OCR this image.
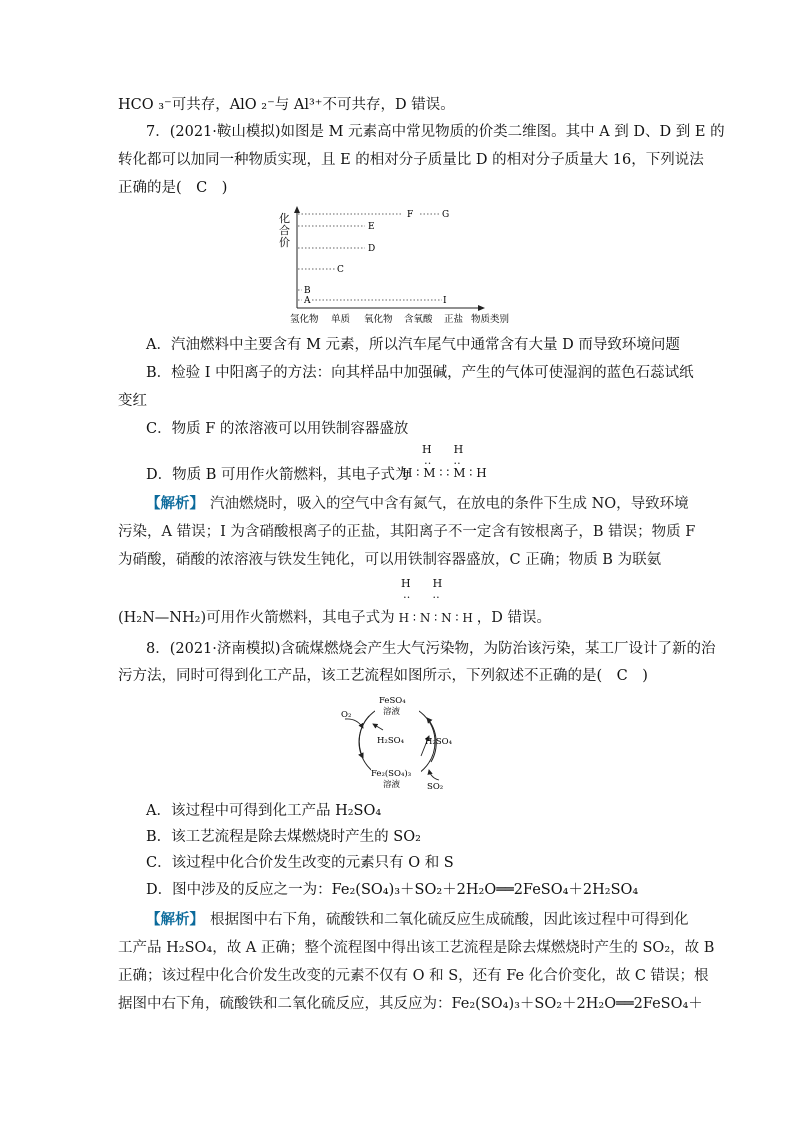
HCO ₃⁻可共存，AlO ₂⁻与 Al³⁺不可共存，D 错误。
7．(2021·鞍山模拟)如图是 M 元素高中常见物质的价类二维图。其中 A 到 D、D 到 E 的
转化都可以加同一种物质实现，且 E 的相对分子质量比 D 的相对分子质量大 16，下列说法
正确的是(　C　)
化
合
价
F	G
E
D
C
B
A	I
氢化物 单质 氧化物 含氧酸 正盐 物质类别
A．汽油燃料中主要含有 M 元素，所以汽车尾气中通常含有大量 D 而导致环境问题
B．检验 I 中阳离子的方法：向其样品中加强碱，产生的气体可使湿润的蓝色石蕊试纸
变红
C．物质 F 的浓溶液可以用铁制容器盛放
D．物质 B 可用作火箭燃料，其电子式为
H　　H
‥　　‥
H ∶ M ∶ ∶ M ∶ H
【解析】 汽油燃烧时，吸入的空气中含有氮气，在放电的条件下生成 NO，导致环境
污染，A 错误；I 为含硝酸根离子的正盐，其阳离子不一定含有铵根离子，B 错误；物质 F
为硝酸，硝酸的浓溶液与铁发生钝化，可以用铁制容器盛放，C 正确；物质 B 为联氨
H　　H
‥　　‥
(H₂N—NH₂)可用作火箭燃料，其电子式为 H ∶ N ∶ N ∶ H ，D 错误。
8．(2021·济南模拟)含硫煤燃烧会产生大气污染物，为防治该污染，某工厂设计了新的治
污方法，同时可得到化工产品，该工艺流程如图所示，下列叙述不正确的是(　C　)
FeSO₄
溶液
Fe₂(SO₄)₃
溶液
O₂
SO₂
H₂SO₄ H₂SO₄
A．该过程中可得到化工产品 H₂SO₄
B．该工艺流程是除去煤燃烧时产生的 SO₂
C．该过程中化合价发生改变的元素只有 O 和 S
D．图中涉及的反应之一为：Fe₂(SO₄)₃＋SO₂＋2H₂O══2FeSO₄＋2H₂SO₄
【解析】 根据图中右下角，硫酸铁和二氧化硫反应生成硫酸，因此该过程中可得到化
工产品 H₂SO₄，故 A 正确；整个流程图中得出该工艺流程是除去煤燃烧时产生的 SO₂，故 B
正确；该过程中化合价发生改变的元素不仅有 O 和 S，还有 Fe 化合价变化，故 C 错误；根
据图中右下角，硫酸铁和二氧化硫反应，其反应为：Fe₂(SO₄)₃＋SO₂＋2H₂O══2FeSO₄＋
